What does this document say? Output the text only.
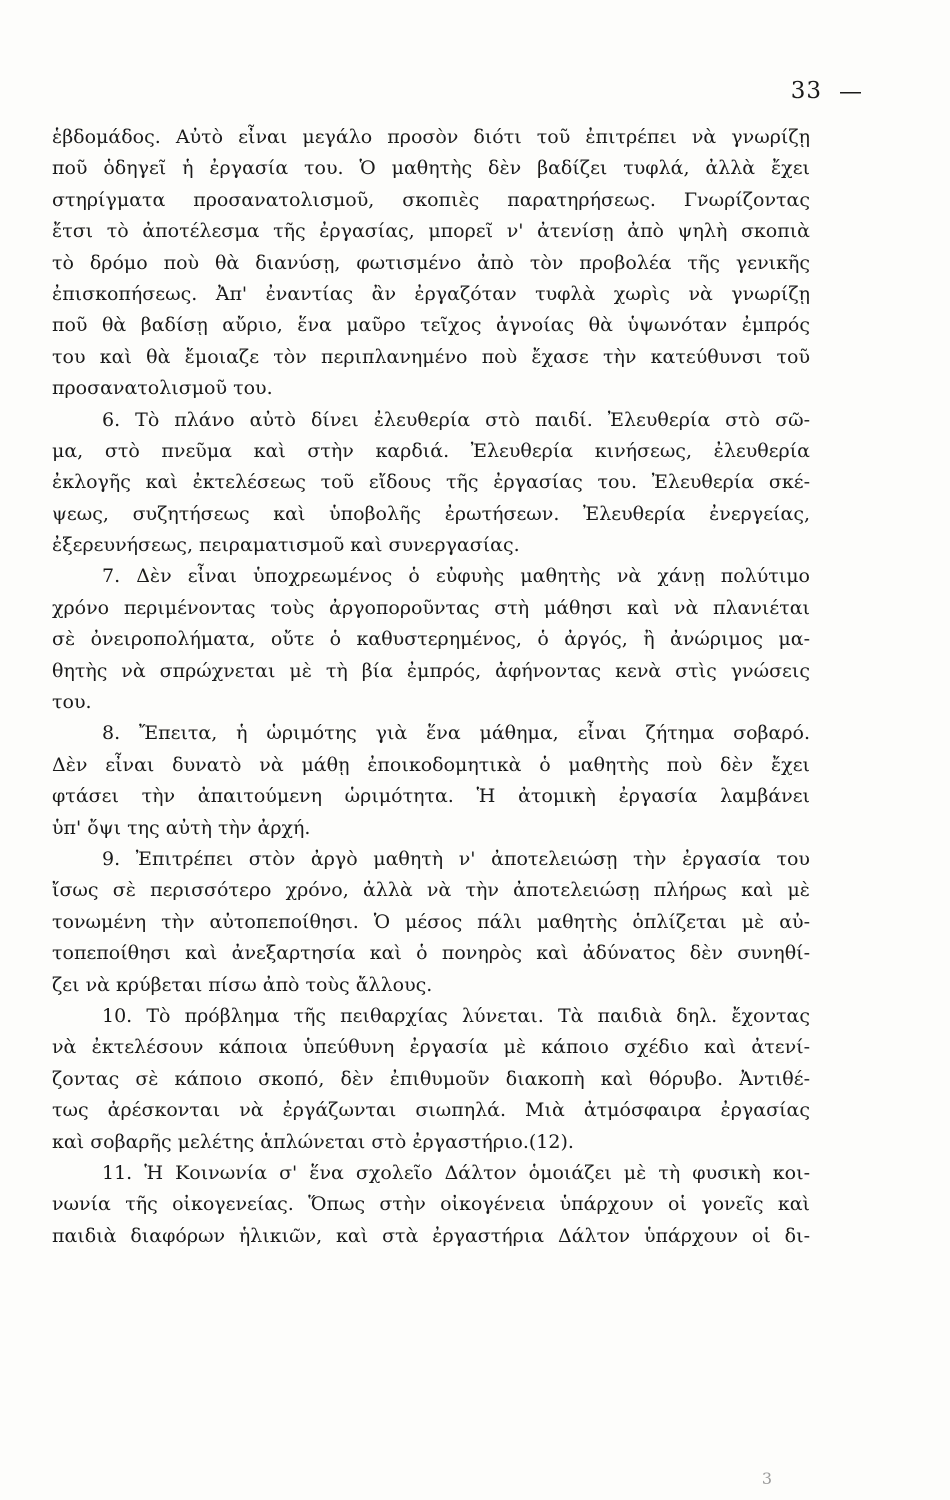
33 —
ἑβδομάδος. Αὐτὸ εἶναι μεγάλο προσὸν διότι τοῦ ἐπιτρέπει νὰ γνωρίζῃ
ποῦ ὁδηγεῖ ἡ ἐργασία του. Ὁ μαθητὴς δὲν βαδίζει τυφλά, ἀλλὰ ἔχει
στηρίγματα προσανατολισμοῦ, σκοπιὲς παρατηρήσεως. Γνωρίζοντας
ἔτσι τὸ ἀποτέλεσμα τῆς ἐργασίας, μπορεῖ ν' ἀτενίσῃ ἀπὸ ψηλὴ σκοπιὰ
τὸ δρόμο ποὺ θὰ διανύσῃ, φωτισμένο ἀπὸ τὸν προβολέα τῆς γενικῆς
ἐπισκοπήσεως. Ἀπ' ἐναντίας ἂν ἐργαζόταν τυφλὰ χωρὶς νὰ γνωρίζῃ
ποῦ θὰ βαδίσῃ αὔριο, ἕνα μαῦρο τεῖχος ἀγνοίας θὰ ὑψωνόταν ἐμπρός
του καὶ θὰ ἔμοιαζε τὸν περιπλανημένο ποὺ ἔχασε τὴν κατεύθυνσι τοῦ
προσανατολισμοῦ του.
6. Τὸ πλάνο αὐτὸ δίνει ἐλευθερία στὸ παιδί. Ἐλευθερία στὸ σῶ-
μα, στὸ πνεῦμα καὶ στὴν καρδιά. Ἐλευθερία κινήσεως, ἐλευθερία
ἐκλογῆς καὶ ἐκτελέσεως τοῦ εἴδους τῆς ἐργασίας του. Ἐλευθερία σκέ-
ψεως, συζητήσεως καὶ ὑποβολῆς ἐρωτήσεων. Ἐλευθερία ἐνεργείας,
ἐξερευνήσεως, πειραματισμοῦ καὶ συνεργασίας.
7. Δὲν εἶναι ὑποχρεωμένος ὁ εὐφυὴς μαθητὴς νὰ χάνῃ πολύτιμο
χρόνο περιμένοντας τοὺς ἀργοποροῦντας στὴ μάθησι καὶ νὰ πλανιέται
σὲ ὀνειροπολήματα, οὔτε ὁ καθυστερημένος, ὁ ἀργός, ἢ ἀνώριμος μα-
θητὴς νὰ σπρώχνεται μὲ τὴ βία ἐμπρός, ἀφήνοντας κενὰ στὶς γνώσεις
του.
8. Ἔπειτα, ἡ ὡριμότης γιὰ ἕνα μάθημα, εἶναι ζήτημα σοβαρό.
Δὲν εἶναι δυνατὸ νὰ μάθῃ ἐποικοδομητικὰ ὁ μαθητὴς ποὺ δὲν ἔχει
φτάσει τὴν ἀπαιτούμενη ὡριμότητα. Ἡ ἀτομικὴ ἐργασία λαμβάνει
ὑπ' ὄψι της αὐτὴ τὴν ἀρχή.
9. Ἐπιτρέπει στὸν ἀργὸ μαθητὴ ν' ἀποτελειώσῃ τὴν ἐργασία του
ἴσως σὲ περισσότερο χρόνο, ἀλλὰ νὰ τὴν ἀποτελειώσῃ πλήρως καὶ μὲ
τονωμένη τὴν αὐτοπεποίθησι. Ὁ μέσος πάλι μαθητὴς ὁπλίζεται μὲ αὐ-
τοπεποίθησι καὶ ἀνεξαρτησία καὶ ὁ πονηρὸς καὶ ἀδύνατος δὲν συνηθί-
ζει νὰ κρύβεται πίσω ἀπὸ τοὺς ἄλλους.
10. Τὸ πρόβλημα τῆς πειθαρχίας λύνεται. Τὰ παιδιὰ δηλ. ἔχοντας
νὰ ἐκτελέσουν κάποια ὑπεύθυνη ἐργασία μὲ κάποιο σχέδιο καὶ ἀτενί-
ζοντας σὲ κάποιο σκοπό, δὲν ἐπιθυμοῦν διακοπὴ καὶ θόρυβο. Ἀντιθέ-
τως ἀρέσκονται νὰ ἐργάζωνται σιωπηλά. Μιὰ ἀτμόσφαιρα ἐργασίας
καὶ σοβαρῆς μελέτης ἁπλώνεται στὸ ἐργαστήριο.(12).
11. Ἡ Κοινωνία σ' ἕνα σχολεῖο Δάλτον ὁμοιάζει μὲ τὴ φυσικὴ κοι-
νωνία τῆς οἰκογενείας. Ὅπως στὴν οἰκογένεια ὑπάρχουν οἱ γονεῖς καὶ
παιδιὰ διαφόρων ἡλικιῶν, καὶ στὰ ἐργαστήρια Δάλτον ὑπάρχουν οἱ δι-
3
